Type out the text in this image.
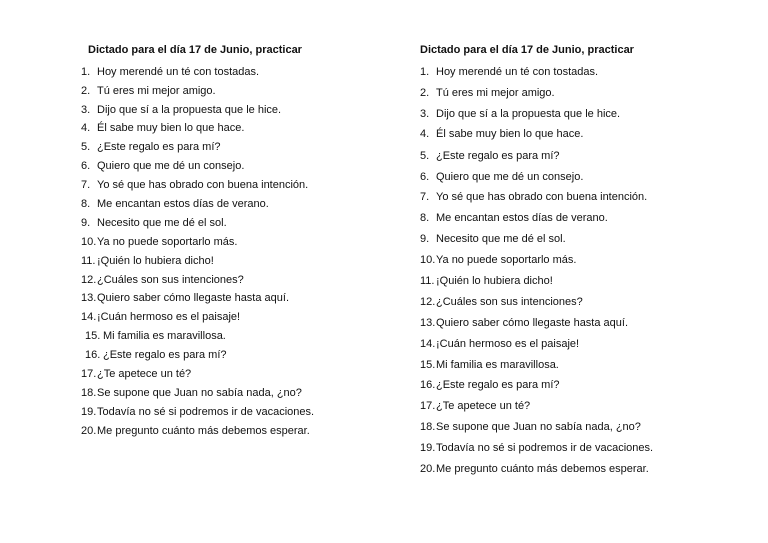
Dictado para el día 17 de Junio, practicar
1. Hoy merendé un té con tostadas.
2. Tú eres mi mejor amigo.
3. Dijo que sí a la propuesta que le hice.
4. Él sabe muy bien lo que hace.
5. ¿Este regalo es para mí?
6. Quiero que me dé un consejo.
7. Yo sé que has obrado con buena intención.
8. Me encantan estos días de verano.
9. Necesito que me dé el sol.
10. Ya no puede soportarlo más.
11. ¡Quién lo hubiera dicho!
12. ¿Cuáles son sus intenciones?
13. Quiero saber cómo llegaste hasta aquí.
14. ¡Cuán hermoso es el paisaje!
15. Mi familia es maravillosa.
16. ¿Este regalo es para mí?
17. ¿Te apetece un té?
18. Se supone que Juan no sabía nada, ¿no?
19. Todavía no sé si podremos ir de vacaciones.
20. Me pregunto cuánto más debemos esperar.
Dictado para el día 17 de Junio, practicar
1. Hoy merendé un té con tostadas.
2. Tú eres mi mejor amigo.
3. Dijo que sí a la propuesta que le hice.
4. Él sabe muy bien lo que hace.
5. ¿Este regalo es para mí?
6. Quiero que me dé un consejo.
7. Yo sé que has obrado con buena intención.
8. Me encantan estos días de verano.
9. Necesito que me dé el sol.
10. Ya no puede soportarlo más.
11. ¡Quién lo hubiera dicho!
12. ¿Cuáles son sus intenciones?
13. Quiero saber cómo llegaste hasta aquí.
14. ¡Cuán hermoso es el paisaje!
15. Mi familia es maravillosa.
16. ¿Este regalo es para mí?
17. ¿Te apetece un té?
18. Se supone que Juan no sabía nada, ¿no?
19. Todavía no sé si podremos ir de vacaciones.
20. Me pregunto cuánto más debemos esperar.
